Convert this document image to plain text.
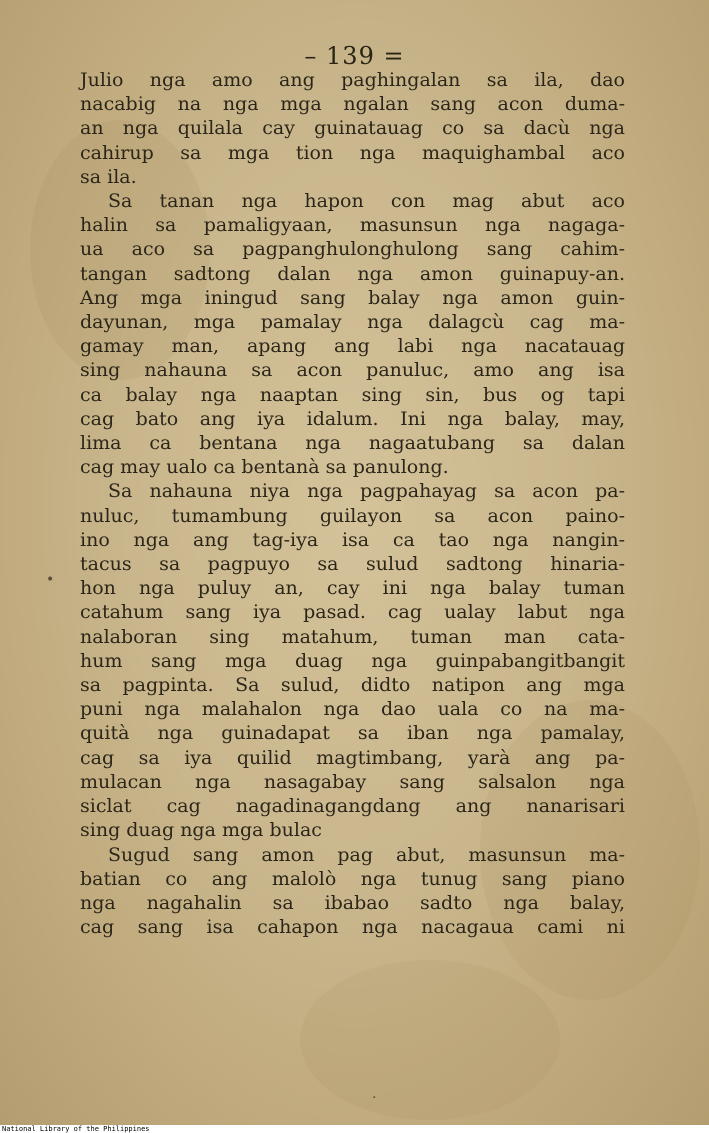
– 139 =
Julio nga amo ang paghingalan sa ila, dao
nacabig na nga mga ngalan sang acon duma-
an nga quilala cay guinatauag co sa dacù nga
cahirup sa mga tion nga maquighambal aco
sa ila.
Sa tanan nga hapon con mag abut aco
halin sa pamaligyaan, masunsun nga nagaga-
ua aco sa pagpanghulonghulong sang cahim-
tangan sadtong dalan nga amon guinapuy-an.
Ang mga iningud sang balay nga amon guin-
dayunan, mga pamalay nga dalagcù cag ma-
gamay man, apang ang labi nga nacatauag
sing nahauna sa acon panuluc, amo ang isa
ca balay nga naaptan sing sin, bus og tapi
cag bato ang iya idalum. Ini nga balay, may,
lima ca bentana nga nagaatubang sa dalan
cag may ualo ca bentanà sa panulong.
Sa nahauna niya nga pagpahayag sa acon pa-
nuluc, tumambung guilayon sa acon paino-
ino nga ang tag-iya isa ca tao nga nangin-
tacus sa pagpuyo sa sulud sadtong hinaria-
hon nga puluy an, cay ini nga balay tuman
catahum sang iya pasad. cag ualay labut nga
nalaboran sing matahum, tuman man cata-
hum sang mga duag nga guinpabangitbangit
sa pagpinta. Sa sulud, didto natipon ang mga
puni nga malahalon nga dao uala co na ma-
quità nga guinadapat sa iban nga pamalay,
cag sa iya quilid magtimbang, yarà ang pa-
mulacan nga nasagabay sang salsalon nga
siclat cag nagadinagangdang ang nanarisari
sing duag nga mga bulac
Sugud sang amon pag abut, masunsun ma-
batian co ang malolò nga tunug sang piano
nga nagahalin sa ibabao sadto nga balay,
cag sang isa cahapon nga nacagaua cami ni
•
·
National Library of the Philippines
